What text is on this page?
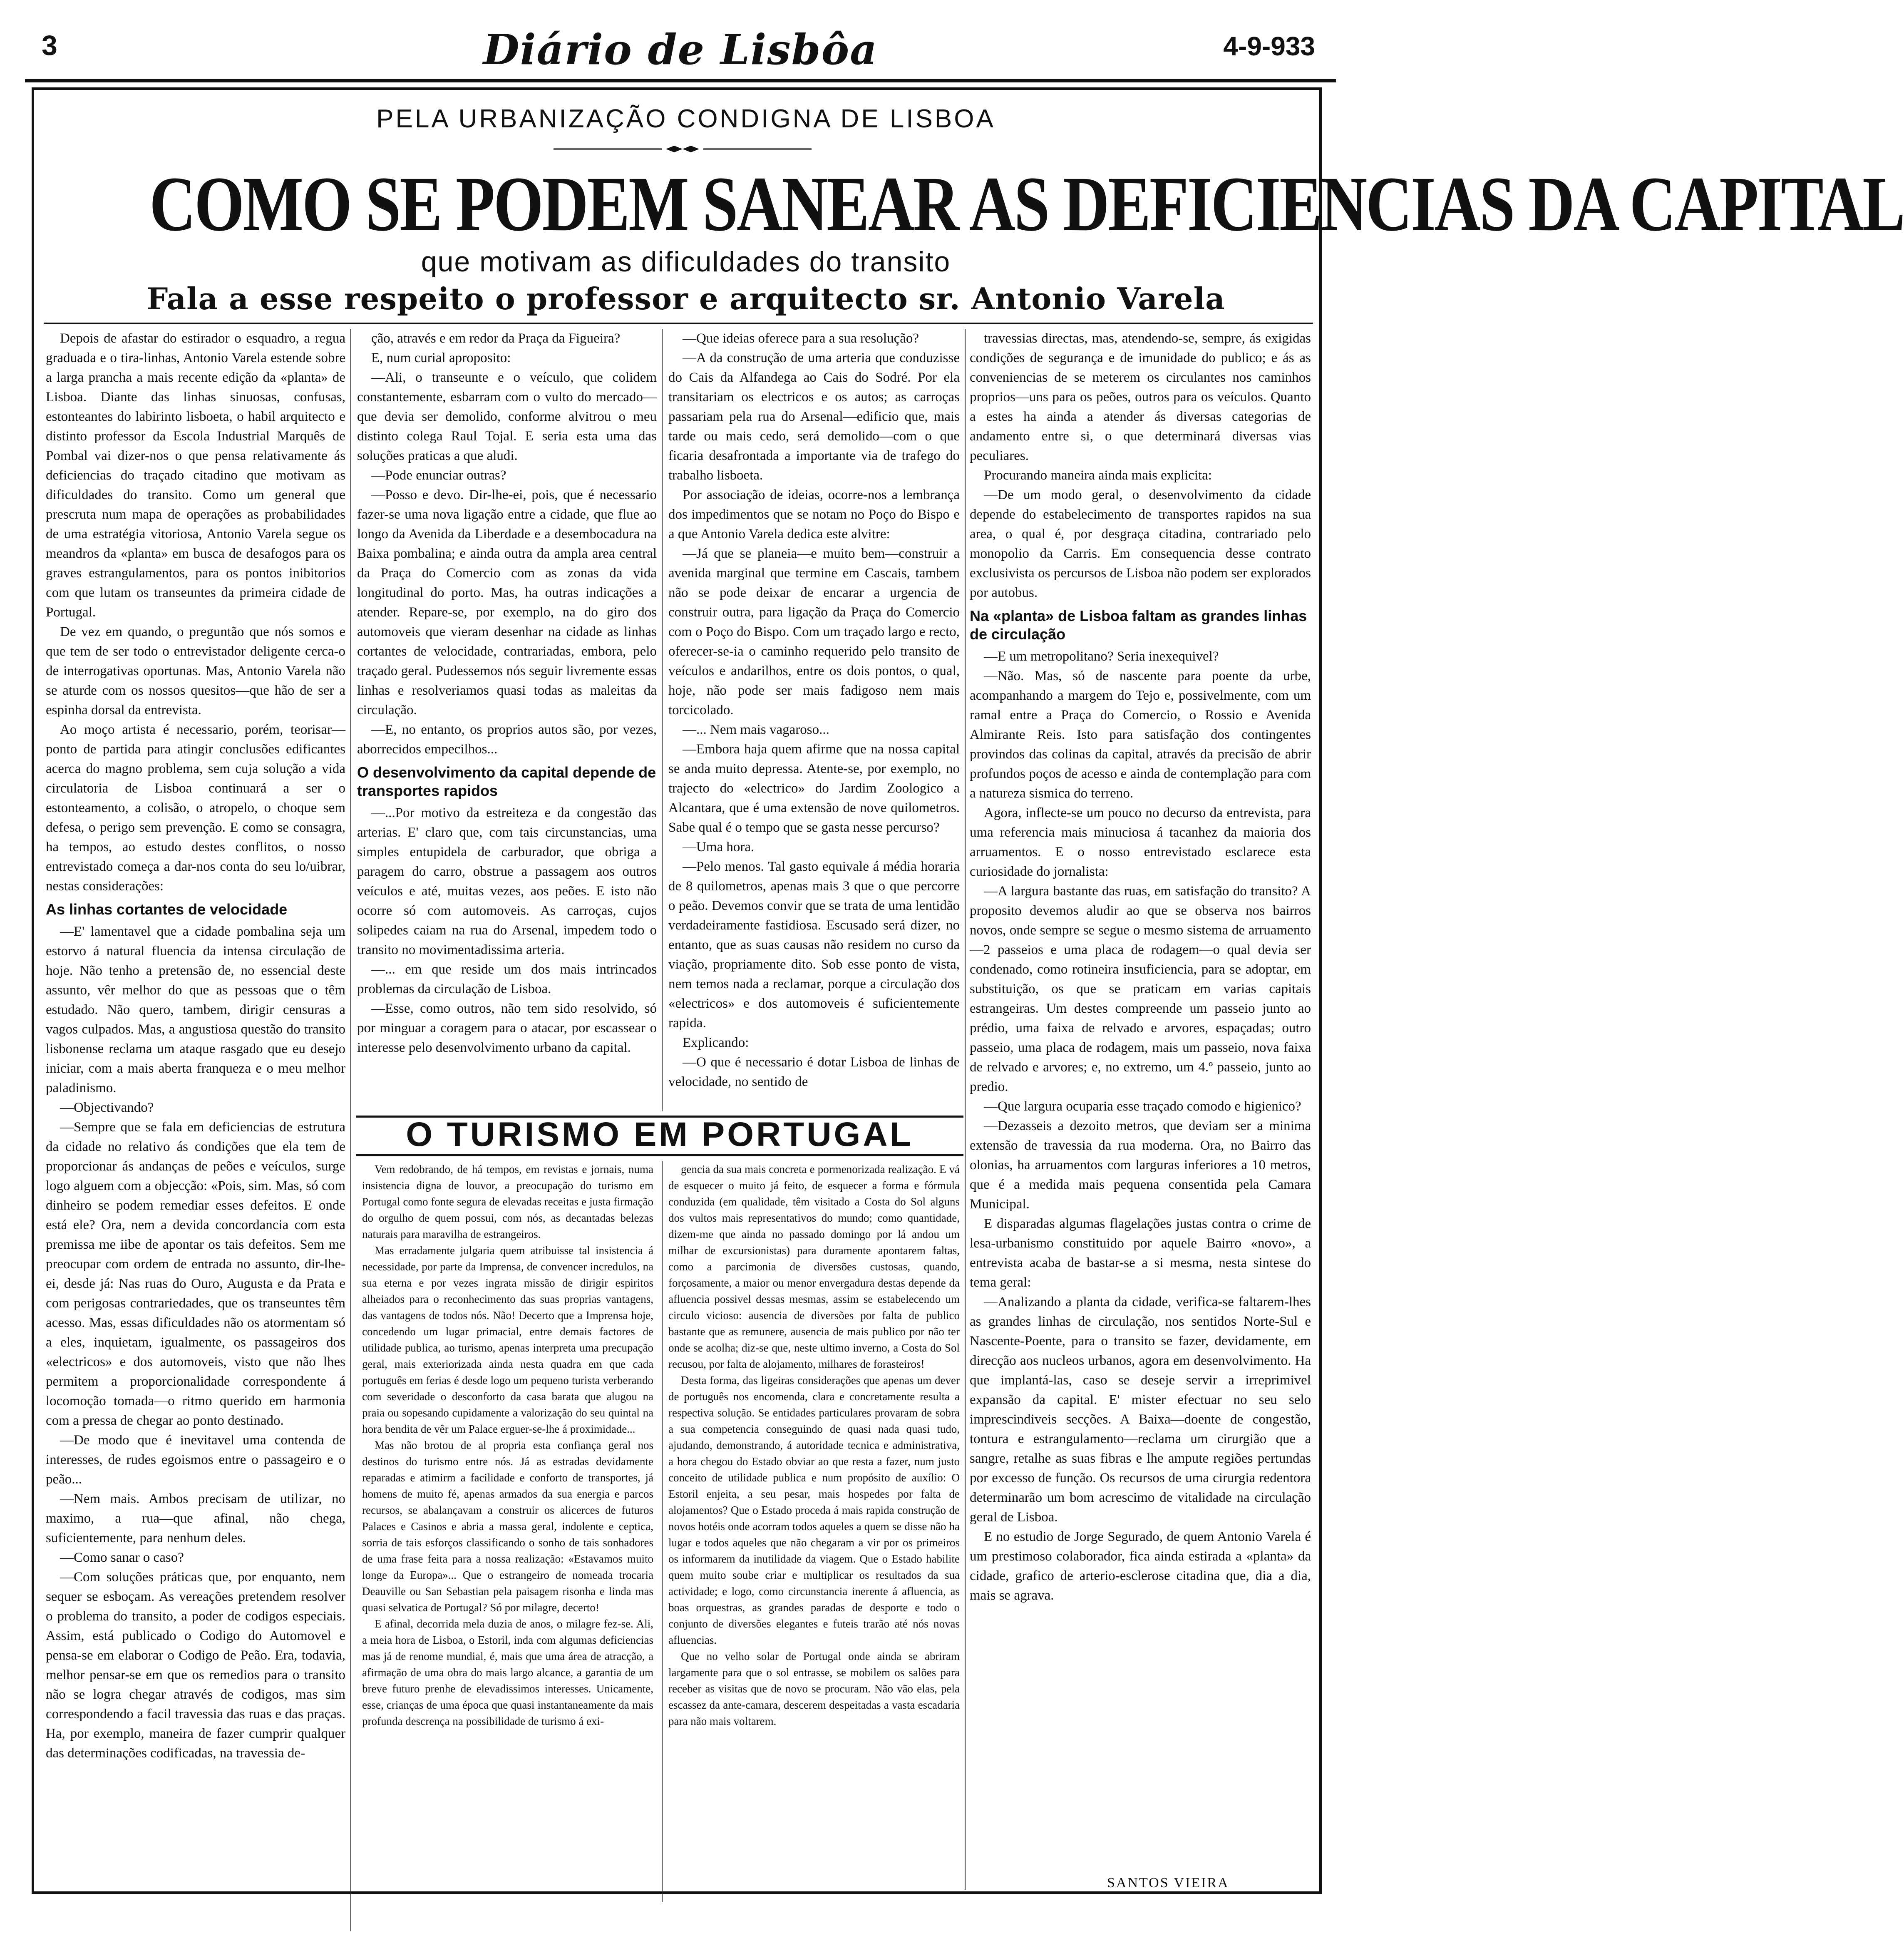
3	Diário de Lisbôa	4-9-933
PELA URBANIZAÇÃO CONDIGNA DE LISBOA
COMO SE PODEM SANEAR AS DEFICIENCIAS DA CAPITAL
que motivam as dificuldades do transito
Fala a esse respeito o professor e arquitecto sr. Antonio Varela

Depois de afastar do estirador o esquadro, a regua graduada e o tira-linhas, Antonio Varela estende sobre a larga prancha a mais recente edição da «planta» de Lisboa. Diante das linhas sinuosas, confusas, estonteantes do labirinto lisboeta, o habil arquitecto e distinto professor da Escola Industrial Marquês de Pombal vai dizer-nos o que pensa relativamente ás deficiencias do traçado citadino que motivam as dificuldades do transito. Como um general que prescruta num mapa de operações as probabilidades de uma estratégia vitoriosa, Antonio Varela segue os meandros da «planta» em busca de desafogos para os graves estrangulamentos, para os pontos inibitorios com que lutam os transeuntes da primeira cidade de Portugal.

De vez em quando, o preguntão que nós somos e que tem de ser todo o entrevistador deligente cerca-o de interrogativas oportunas. Mas, Antonio Varela não se aturde com os nossos quesitos—que hão de ser a espinha dorsal da entrevista.

Ao moço artista é necessario, porém, teorisar—ponto de partida para atingir conclusões edificantes acerca do magno problema, sem cuja solução a vida circulatoria de Lisboa continuará a ser o estonteamento, a colisão, o atropelo, o choque sem defesa, o perigo sem prevenção. E como se consagra, ha tempos, ao estudo destes conflitos, o nosso entrevistado começa a dar-nos conta do seu lo/uibrar, nestas considerações:

As linhas cortantes de velocidade

—E' lamentavel que a cidade pombalina seja um estorvo á natural fluencia da intensa circulação de hoje. Não tenho a pretensão de, no essencial deste assunto, vêr melhor do que as pessoas que o têm estudado. Não quero, tambem, dirigir censuras a vagos culpados. Mas, a angustiosa questão do transito lisbonense reclama um ataque rasgado que eu desejo iniciar, com a mais aberta franqueza e o meu melhor paladinismo.

—Objectivando?

—Sempre que se fala em deficiencias de estrutura da cidade no relativo ás condições que ela tem de proporcionar ás andanças de peões e veículos, surge logo alguem com a objecção: «Pois, sim. Mas, só com dinheiro se podem remediar esses defeitos. E onde está ele? Ora, nem a devida concordancia com esta premissa me iibe de apontar os tais defeitos. Sem me preocupar com ordem de entrada no assunto, dir-lhe-ei, desde já: Nas ruas do Ouro, Augusta e da Prata e com perigosas contrariedades, que os transeuntes têm acesso. Mas, essas dificuldades não os atormentam só a eles, inquietam, igualmente, os passageiros dos «electricos» e dos automoveis, visto que não lhes permitem a proporcionalidade correspondente á locomoção tomada—o ritmo querido em harmonia com a pressa de chegar ao ponto destinado.

—De modo que é inevitavel uma contenda de interesses, de rudes egoismos entre o passageiro e o peão...

—Nem mais. Ambos precisam de utilizar, no maximo, a rua—que afinal, não chega, suficientemente, para nenhum deles.

—Como sanar o caso?

—Com soluções práticas que, por enquanto, nem sequer se esboçam. As vereações pretendem resolver o problema do transito, a poder de codigos especiais. Assim, está publicado o Codigo do Automovel e pensa-se em elaborar o Codigo de Peão. Era, todavia, melhor pensar-se em que os remedios para o transito não se logra chegar através de codigos, mas sim correspondendo a facil travessia das ruas e das praças. Ha, por exemplo, maneira de fazer cumprir qualquer das determinações codificadas, na travessia de-

ção, através e em redor da Praça da Figueira?

E, num curial aproposito:

—Ali, o transeunte e o veículo, que colidem constantemente, esbarram com o vulto do mercado—que devia ser demolido, conforme alvitrou o meu distinto colega Raul Tojal. E seria esta uma das soluções praticas a que aludi.

—Pode enunciar outras?

—Posso e devo. Dir-lhe-ei, pois, que é necessario fazer-se uma nova ligação entre a cidade, que flue ao longo da Avenida da Liberdade e a desembocadura na Baixa pombalina; e ainda outra da ampla area central da Praça do Comercio com as zonas da vida longitudinal do porto. Mas, ha outras indicações a atender. Repare-se, por exemplo, na do giro dos automoveis que vieram desenhar na cidade as linhas cortantes de velocidade, contrariadas, embora, pelo traçado geral. Pudessemos nós seguir livremente essas linhas e resolveriamos quasi todas as maleitas da circulação.

—E, no entanto, os proprios autos são, por vezes, aborrecidos empecilhos...

O desenvolvimento da capital depende de transportes rapidos

—...Por motivo da estreiteza e da congestão das arterias. E' claro que, com tais circunstancias, uma simples entupidela de carburador, que obriga a paragem do carro, obstrue a passagem aos outros veículos e até, muitas vezes, aos peões. E isto não ocorre só com automoveis. As carroças, cujos solipedes caiam na rua do Arsenal, impedem todo o transito no movimentadissima arteria.

—... em que reside um dos mais intrincados problemas da circulação de Lisboa.

—Esse, como outros, não tem sido resolvido, só por minguar a coragem para o atacar, por escassear o interesse pelo desenvolvimento urbano da capital.

—Que ideias oferece para a sua resolução?

—A da construção de uma arteria que conduzisse do Cais da Alfandega ao Cais do Sodré. Por ela transitariam os electricos e os autos; as carroças passariam pela rua do Arsenal—edificio que, mais tarde ou mais cedo, será demolido—com o que ficaria desafrontada a importante via de trafego do trabalho lisboeta.

Por associação de ideias, ocorre-nos a lembrança dos impedimentos que se notam no Poço do Bispo e a que Antonio Varela dedica este alvitre:

—Já que se planeia—e muito bem—construir a avenida marginal que termine em Cascais, tambem não se pode deixar de encarar a urgencia de construir outra, para ligação da Praça do Comercio com o Poço do Bispo. Com um traçado largo e recto, oferecer-se-ia o caminho requerido pelo transito de veículos e andarilhos, entre os dois pontos, o qual, hoje, não pode ser mais fadigoso nem mais torcicolado.

—... Nem mais vagaroso...

—Embora haja quem afirme que na nossa capital se anda muito depressa. Atente-se, por exemplo, no trajecto do «electrico» do Jardim Zoologico a Alcantara, que é uma extensão de nove quilometros. Sabe qual é o tempo que se gasta nesse percurso?

—Uma hora.

—Pelo menos. Tal gasto equivale á média horaria de 8 quilometros, apenas mais 3 que o que percorre o peão. Devemos convir que se trata de uma lentidão verdadeiramente fastidiosa. Escusado será dizer, no entanto, que as suas causas não residem no curso da viação, propriamente dito. Sob esse ponto de vista, nem temos nada a reclamar, porque a circulação dos «electricos» e dos automoveis é suficientemente rapida.

Explicando:

—O que é necessario é dotar Lisboa de linhas de velocidade, no sentido de

travessias directas, mas, atendendo-se, sempre, ás exigidas condições de segurança e de imunidade do publico; e ás as conveniencias de se meterem os circulantes nos caminhos proprios—uns para os peões, outros para os veículos. Quanto a estes ha ainda a atender ás diversas categorias de andamento entre si, o que determinará diversas vias peculiares.

Procurando maneira ainda mais explicita:

—De um modo geral, o desenvolvimento da cidade depende do estabelecimento de transportes rapidos na sua area, o qual é, por desgraça citadina, contrariado pelo monopolio da Carris. Em consequencia desse contrato exclusivista os percursos de Lisboa não podem ser explorados por autobus.

Na «planta» de Lisboa faltam as grandes linhas de circulação

—E um metropolitano? Seria inexequivel?

—Não. Mas, só de nascente para poente da urbe, acompanhando a margem do Tejo e, possivelmente, com um ramal entre a Praça do Comercio, o Rossio e Avenida Almirante Reis. Isto para satisfação dos contingentes provindos das colinas da capital, através da precisão de abrir profundos poços de acesso e ainda de contemplação para com a natureza sismica do terreno.

Agora, inflecte-se um pouco no decurso da entrevista, para uma referencia mais minuciosa á tacanhez da maioria dos arruamentos. E o nosso entrevistado esclarece esta curiosidade do jornalista:

—A largura bastante das ruas, em satisfação do transito? A proposito devemos aludir ao que se observa nos bairros novos, onde sempre se segue o mesmo sistema de arruamento—2 passeios e uma placa de rodagem—o qual devia ser condenado, como rotineira insuficiencia, para se adoptar, em substituição, os que se praticam em varias capitais estrangeiras. Um destes compreende um passeio junto ao prédio, uma faixa de relvado e arvores, espaçadas; outro passeio, uma placa de rodagem, mais um passeio, nova faixa de relvado e arvores; e, no extremo, um 4.º passeio, junto ao predio.

—Que largura ocuparia esse traçado comodo e higienico?

—Dezasseis a dezoito metros, que deviam ser a minima extensão de travessia da rua moderna. Ora, no Bairro das olonias, ha arruamentos com larguras inferiores a 10 metros, que é a medida mais pequena consentida pela Camara Municipal.

E disparadas algumas flagelações justas contra o crime de lesa-urbanismo constituido por aquele Bairro «novo», a entrevista acaba de bastar-se a si mesma, nesta sintese do tema geral:

—Analizando a planta da cidade, verifica-se faltarem-lhes as grandes linhas de circulação, nos sentidos Norte-Sul e Nascente-Poente, para o transito se fazer, devidamente, em direcção aos nucleos urbanos, agora em desenvolvimento. Ha que implantá-las, caso se deseje servir a irreprimivel expansão da capital. E' mister efectuar no seu selo imprescindiveis secções. A Baixa—doente de congestão, tontura e estrangulamento—reclama um cirurgião que a sangre, retalhe as suas fibras e lhe ampute regiões pertundas por excesso de função. Os recursos de uma cirurgia redentora determinarão um bom acrescimo de vitalidade na circulação geral de Lisboa.

E no estudio de Jorge Segurado, de quem Antonio Varela é um prestimoso colaborador, fica ainda estirada a «planta» da cidade, grafico de arterio-esclerose citadina que, dia a dia, mais se agrava.

O TURISMO EM PORTUGAL

Vem redobrando, de há tempos, em revistas e jornais, numa insistencia digna de louvor, a preocupação do turismo em Portugal como fonte segura de elevadas receitas e justa firmação do orgulho de quem possui, com nós, as decantadas belezas naturais para maravilha de estrangeiros.

Mas erradamente julgaria quem atribuisse tal insistencia á necessidade, por parte da Imprensa, de convencer incredulos, na sua eterna e por vezes ingrata missão de dirigir espiritos alheiados para o reconhecimento das suas proprias vantagens, das vantagens de todos nós. Não! Decerto que a Imprensa hoje, concedendo um lugar primacial, entre demais factores de utilidade publica, ao turismo, apenas interpreta uma precupação geral, mais exteriorizada ainda nesta quadra em que cada português em ferias é desde logo um pequeno turista verberando com severidade o desconforto da casa barata que alugou na praia ou sopesando cupidamente a valorização do seu quintal na hora bendita de vêr um Palace erguer-se-lhe á proximidade...

Mas não brotou de al propria esta confiança geral nos destinos do turismo entre nós. Já as estradas devidamente reparadas e atimirm a facilidade e conforto de transportes, já homens de muito fé, apenas armados da sua energia e parcos recursos, se abalançavam a construir os alicerces de futuros Palaces e Casinos e abria a massa geral, indolente e ceptica, sorria de tais esforços classificando o sonho de tais sonhadores de uma frase feita para a nossa realização: «Estavamos muito longe da Europa»... Que o estrangeiro de nomeada trocaria Deauville ou San Sebastian pela paisagem risonha e linda mas quasi selvatica de Portugal? Só por milagre, decerto!

E afinal, decorrida mela duzia de anos, o milagre fez-se. Ali, a meia hora de Lisboa, o Estoril, inda com algumas deficiencias mas já de renome mundial, é, mais que uma área de atracção, a afirmação de uma obra do mais largo alcance, a garantia de um breve futuro prenhe de elevadissimos interesses. Unicamente, esse, crianças de uma época que quasi instantaneamente da mais profunda descrença na possibilidade de turismo á exi-

gencia da sua mais concreta e pormenorizada realização. E vá de esquecer o muito já feito, de esquecer a forma e fórmula conduzida (em qualidade, têm visitado a Costa do Sol alguns dos vultos mais representativos do mundo; como quantidade, dizem-me que ainda no passado domingo por lá andou um milhar de excursionistas) para duramente apontarem faltas, como a parcimonia de diversões custosas, quando, forçosamente, a maior ou menor envergadura destas depende da afluencia possivel dessas mesmas, assim se estabelecendo um circulo vicioso: ausencia de diversões por falta de publico bastante que as remunere, ausencia de mais publico por não ter onde se acolha; diz-se que, neste ultimo inverno, a Costa do Sol recusou, por falta de alojamento, milhares de forasteiros!

Desta forma, das ligeiras considerações que apenas um dever de português nos encomenda, clara e concretamente resulta a respectiva solução. Se entidades particulares provaram de sobra a sua competencia conseguindo de quasi nada quasi tudo, ajudando, demonstrando, á autoridade tecnica e administrativa, a hora chegou do Estado obviar ao que resta a fazer, num justo conceito de utilidade publica e num propósito de auxílio: O Estoril enjeita, a seu pesar, mais hospedes por falta de alojamentos? Que o Estado proceda á mais rapida construção de novos hotéis onde acorram todos aqueles a quem se disse não ha lugar e todos aqueles que não chegaram a vir por os primeiros os informarem da inutilidade da viagem. Que o Estado habilite quem muito soube criar e multiplicar os resultados da sua actividade; e logo, como circunstancia inerente á afluencia, as boas orquestras, as grandes paradas de desporte e todo o conjunto de diversões elegantes e futeis trarão até nós novas afluencias.

Que no velho solar de Portugal onde ainda se abriram largamente para que o sol entrasse, se mobilem os salões para receber as visitas que de novo se procuram. Não vão elas, pela escassez da ante-camara, descerem despeitadas a vasta escadaria para não mais voltarem.

SANTOS VIEIRA
